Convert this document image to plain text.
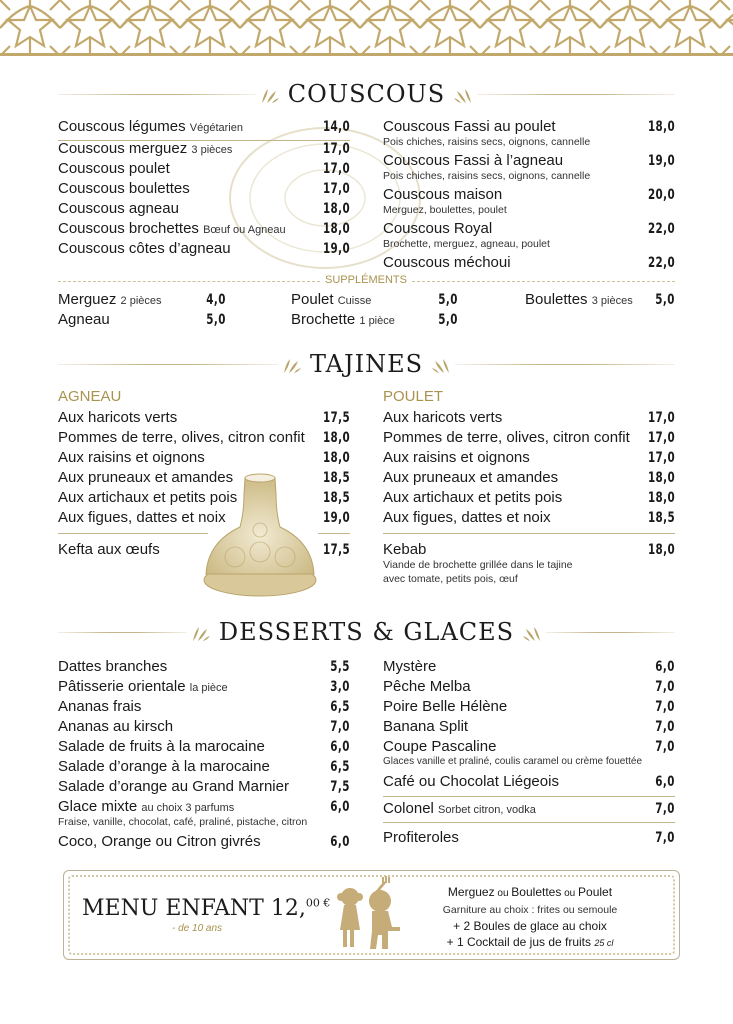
COUSCOUS
Couscous légumes Végétarien	14,0
Couscous merguez 3 pièces	17,0
Couscous poulet	17,0
Couscous boulettes	17,0
Couscous agneau	18,0
Couscous brochettes Bœuf ou Agneau	18,0
Couscous côtes d’agneau	19,0
Couscous Fassi au poulet	18,0
Pois chiches, raisins secs, oignons, cannelle
Couscous Fassi à l’agneau	19,0
Pois chiches, raisins secs, oignons, cannelle
Couscous maison	20,0
Merguez, boulettes, poulet
Couscous Royal	22,0
Brochette, merguez, agneau, poulet
Couscous méchoui	22,0
SUPPLÉMENTS
Merguez 2 pièces	4,0
Agneau	5,0
Poulet Cuisse	5,0
Brochette 1 pièce	5,0
Boulettes 3 pièces 5,0
TAJINES
AGNEAU
Aux haricots verts	17,5
Pommes de terre, olives, citron confit 18,0
Aux raisins et oignons	18,0
Aux pruneaux et amandes	18,5
Aux artichaux et petits pois	18,5
Aux figues, dattes et noix	19,0
Kefta aux œufs	17,5
POULET
Aux haricots verts	17,0
Pommes de terre, olives, citron confit 17,0
Aux raisins et oignons	17,0
Aux pruneaux et amandes	18,0
Aux artichaux et petits pois	18,0
Aux figues, dattes et noix	18,5
Kebab	18,0
Viande de brochette grillée dans le tajine
avec tomate, petits pois, œuf
DESSERTS & GLACES
Dattes branches	5,5
Pâtisserie orientale la pièce	3,0
Ananas frais	6,5
Ananas au kirsch	7,0
Salade de fruits à la marocaine	6,0
Salade d’orange à la marocaine	6,5
Salade d’orange au Grand Marnier	7,5
Glace mixte au choix 3 parfums	6,0
Fraise, vanille, chocolat, café, praliné, pistache, citron
Coco, Orange ou Citron givrés	6,0
Mystère	6,0
Pêche Melba	7,0
Poire Belle Hélène	7,0
Banana Split	7,0
Coupe Pascaline	7,0
Glaces vanille et praliné, coulis caramel ou crème fouettée
Café ou Chocolat Liégeois	6,0
Colonel Sorbet citron, vodka	7,0
Profiteroles	7,0
MENU ENFANT 12,$^{00 €}$
- de 10 ans
Merguez ou Boulettes ou Poulet
Garniture au choix : frites ou semoule
+ 2 Boules de glace au choix
+ 1 Cocktail de jus de fruits 25 cl
